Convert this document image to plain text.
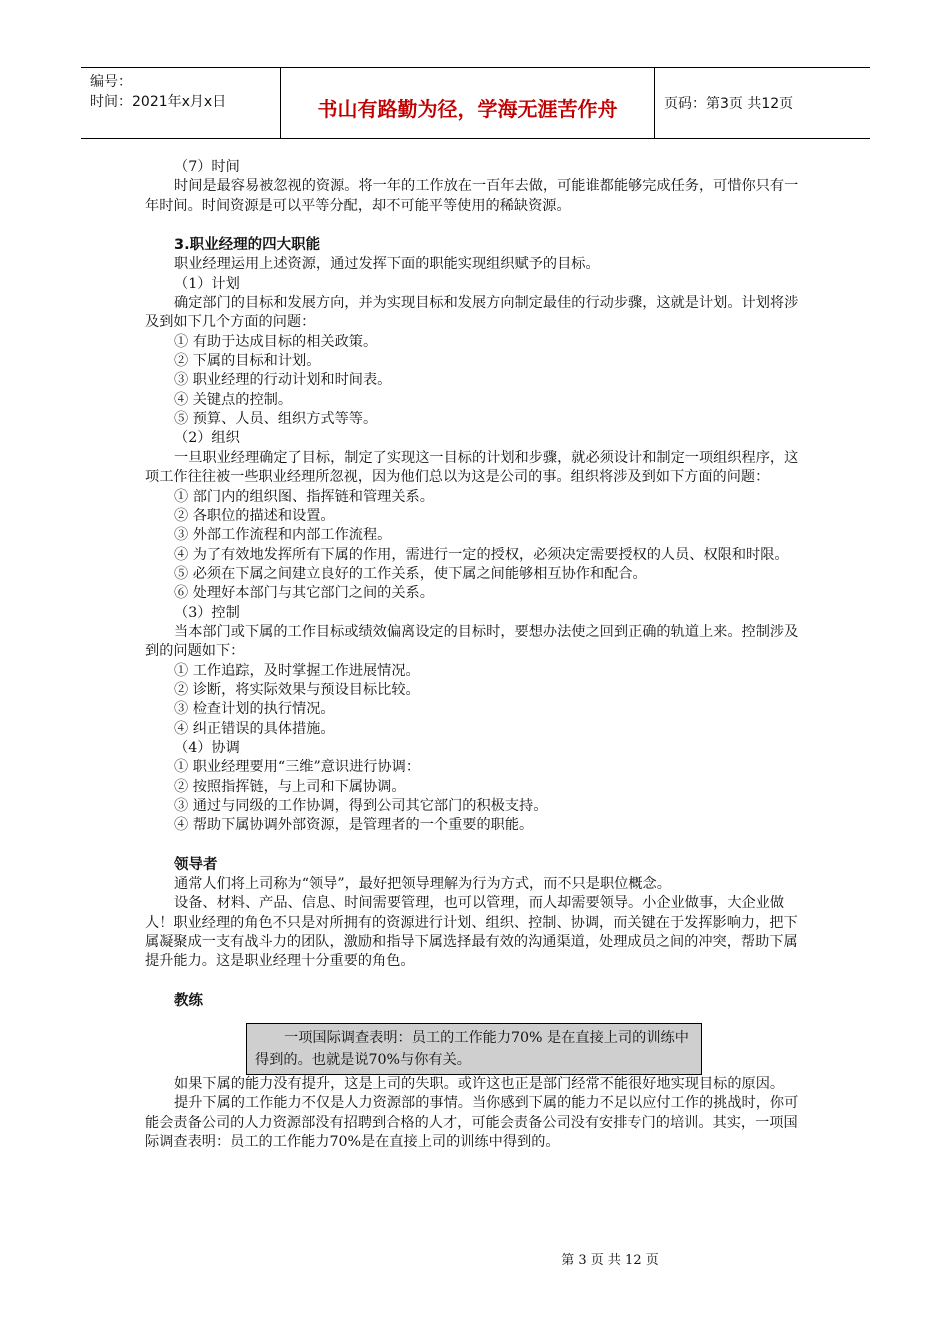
编号：
时间：2021年x月x日	书山有路勤为径，学海无涯苦作舟	页码：第3页 共12页

（7）时间

时间是最容易被忽视的资源。将一年的工作放在一百年去做，可能谁都能够完成任务，可惜你只有一年时间。时间资源是可以平等分配，却不可能平等使用的稀缺资源。

3.职业经理的四大职能

职业经理运用上述资源，通过发挥下面的职能实现组织赋予的目标。

（1）计划

确定部门的目标和发展方向，并为实现目标和发展方向制定最佳的行动步骤，这就是计划。计划将涉及到如下几个方面的问题：

① 有助于达成目标的相关政策。

② 下属的目标和计划。

③ 职业经理的行动计划和时间表。

④ 关键点的控制。

⑤ 预算、人员、组织方式等等。

（2）组织

一旦职业经理确定了目标，制定了实现这一目标的计划和步骤，就必须设计和制定一项组织程序，这项工作往往被一些职业经理所忽视，因为他们总以为这是公司的事。组织将涉及到如下方面的问题：

① 部门内的组织图、指挥链和管理关系。

② 各职位的描述和设置。

③ 外部工作流程和内部工作流程。

④ 为了有效地发挥所有下属的作用，需进行一定的授权，必须决定需要授权的人员、权限和时限。

⑤ 必须在下属之间建立良好的工作关系，使下属之间能够相互协作和配合。

⑥ 处理好本部门与其它部门之间的关系。

（3）控制

当本部门或下属的工作目标或绩效偏离设定的目标时，要想办法使之回到正确的轨道上来。控制涉及到的问题如下：

① 工作追踪，及时掌握工作进展情况。

② 诊断，将实际效果与预设目标比较。

③ 检查计划的执行情况。

④ 纠正错误的具体措施。

（4）协调

① 职业经理要用“三维”意识进行协调：

② 按照指挥链，与上司和下属协调。

③ 通过与同级的工作协调，得到公司其它部门的积极支持。

④ 帮助下属协调外部资源，是管理者的一个重要的职能。

领导者

通常人们将上司称为“领导”，最好把领导理解为行为方式，而不只是职位概念。

设备、材料、产品、信息、时间需要管理，也可以管理，而人却需要领导。小企业做事，大企业做人！职业经理的角色不只是对所拥有的资源进行计划、组织、控制、协调，而关键在于发挥影响力，把下属凝聚成一支有战斗力的团队，激励和指导下属选择最有效的沟通渠道，处理成员之间的冲突，帮助下属提升能力。这是职业经理十分重要的角色。

教练

一项国际调查表明：员工的工作能力70% 是在直接上司的训练中得到的。也就是说70%与你有关。

如果下属的能力没有提升，这是上司的失职。或许这也正是部门经常不能很好地实现目标的原因。

提升下属的工作能力不仅是人力资源部的事情。当你感到下属的能力不足以应付工作的挑战时，你可能会责备公司的人力资源部没有招聘到合格的人才，可能会责备公司没有安排专门的培训。其实，一项国际调查表明：员工的工作能力70%是在直接上司的训练中得到的。

第 3 页 共 12 页
